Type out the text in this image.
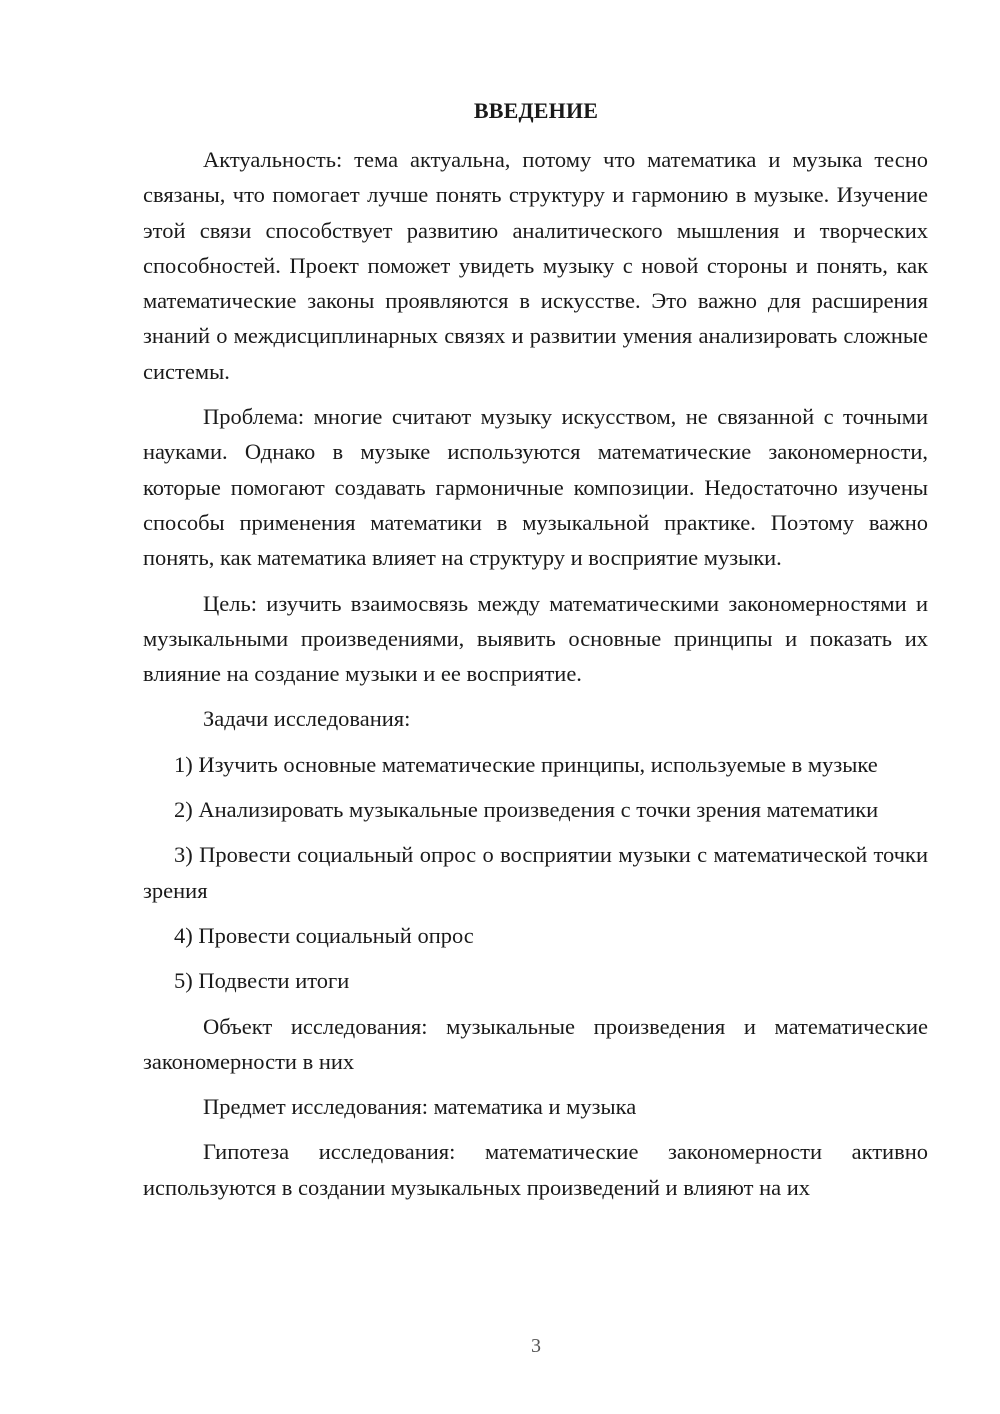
ВВЕДЕНИЕ

Актуальность: тема актуальна, потому что математика и музыка тесно связаны, что помогает лучше понять структуру и гармонию в музыке. Изучение этой связи способствует развитию аналитического мышления и творческих способностей. Проект поможет увидеть музыку с новой стороны и понять, как математические законы проявляются в искусстве. Это важно для расширения знаний о междисциплинарных связях и развитии умения анализировать сложные системы.

Проблема: многие считают музыку искусством, не связанной с точными науками. Однако в музыке используются математические закономерности, которые помогают создавать гармоничные композиции. Недостаточно изучены способы применения математики в музыкальной практике. Поэтому важно понять, как математика влияет на структуру и восприятие музыки.

Цель: изучить взаимосвязь между математическими закономерностями и музыкальными произведениями, выявить основные принципы и показать их влияние на создание музыки и ее восприятие.

Задачи исследования:

1) Изучить основные математические принципы, используемые в музыке

2) Анализировать музыкальные произведения с точки зрения математики

3) Провести социальный опрос о восприятии музыки с математической точки зрения

4) Провести социальный опрос

5) Подвести итоги

Объект исследования: музыкальные произведения и математические закономерности в них

Предмет исследования: математика и музыка

Гипотеза исследования: математические закономерности активно используются в создании музыкальных произведений и влияют на их

3
